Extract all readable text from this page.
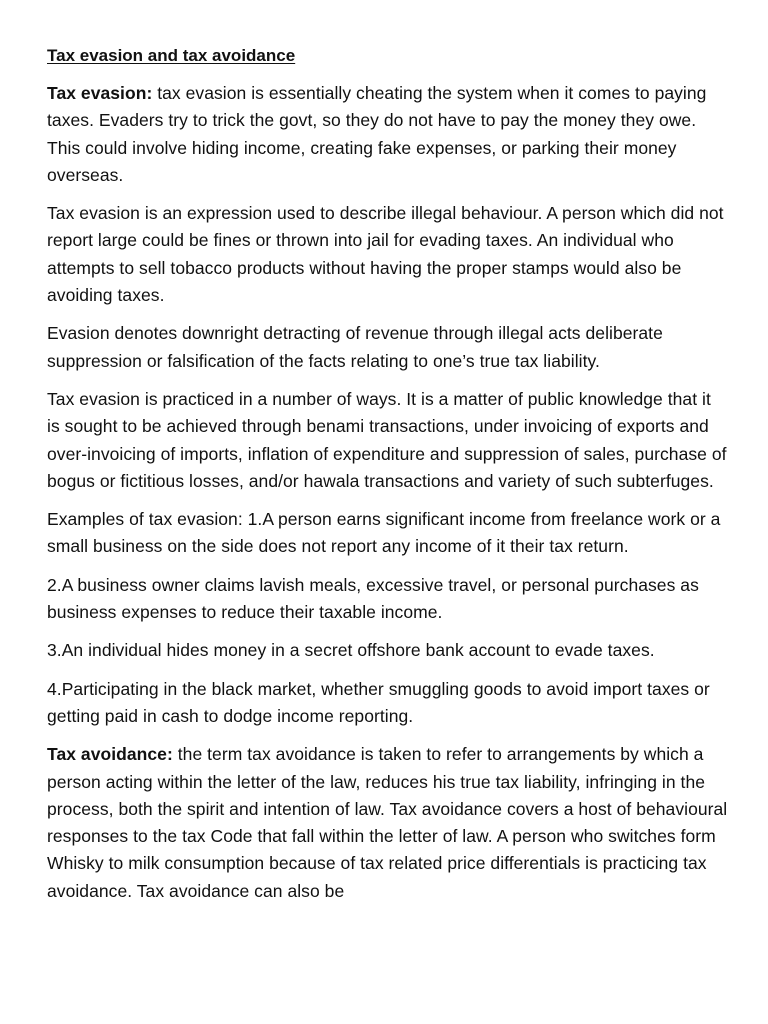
Tax evasion and tax avoidance

Tax evasion: tax evasion is essentially cheating the system when it comes to paying taxes. Evaders try to trick the govt, so they do not have to pay the money they owe. This could involve hiding income, creating fake expenses, or parking their money overseas.

Tax evasion is an expression used to describe illegal behaviour. A person which did not report large could be fines or thrown into jail for evading taxes. An individual who attempts to sell tobacco products without having the proper stamps would also be avoiding taxes.

Evasion denotes downright detracting of revenue through illegal acts deliberate suppression or falsification of the facts relating to one’s true tax liability.

Tax evasion is practiced in a number of ways. It is a matter of public knowledge that it is sought to be achieved through benami transactions, under invoicing of exports and over-invoicing of imports, inflation of expenditure and suppression of sales, purchase of bogus or fictitious losses, and/or hawala transactions and variety of such subterfuges.

Examples of tax evasion: 1.A person earns significant income from freelance work or a small business on the side does not report any income of it their tax return.

2.A business owner claims lavish meals, excessive travel, or personal purchases as business expenses to reduce their taxable income.

3.An individual hides money in a secret offshore bank account to evade taxes.

4.Participating in the black market, whether smuggling goods to avoid import taxes or getting paid in cash to dodge income reporting.

Tax avoidance: the term tax avoidance is taken to refer to arrangements by which a person acting within the letter of the law, reduces his true tax liability, infringing in the process, both the spirit and intention of law. Tax avoidance covers a host of behavioural responses to the tax Code that fall within the letter of law. A person who switches form Whisky to milk consumption because of tax related price differentials is practicing tax avoidance. Tax avoidance can also be
